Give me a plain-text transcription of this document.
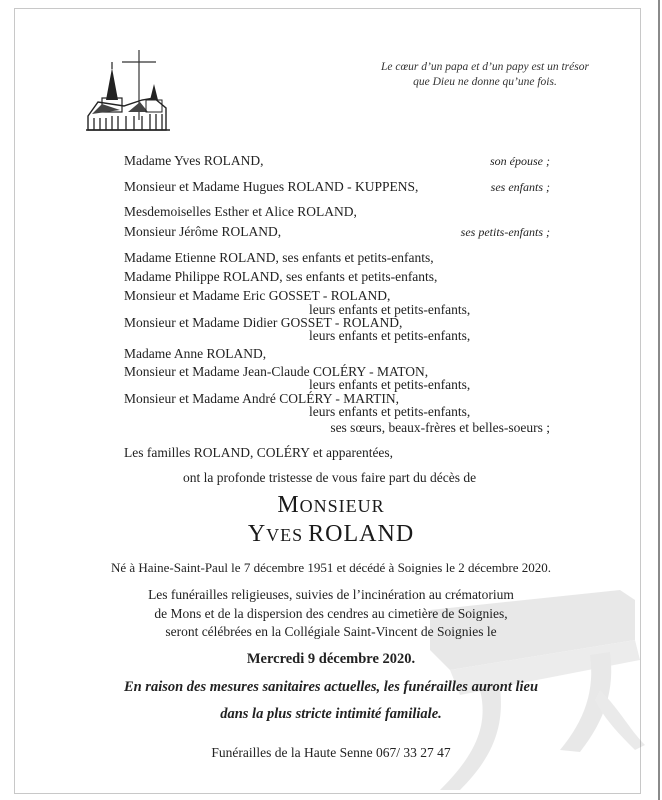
Le cœur d’un papa et d’un papy est un trésor
que Dieu ne donne qu’une fois.
Madame Yves ROLAND,	son épouse ;
Monsieur et Madame Hugues ROLAND - KUPPENS,	ses enfants ;
Mesdemoiselles Esther et Alice ROLAND,
Monsieur Jérôme ROLAND,	ses petits-enfants ;
Madame Etienne ROLAND, ses enfants et petits-enfants,
Madame Philippe ROLAND, ses enfants et petits-enfants,
Monsieur et Madame Eric GOSSET - ROLAND,
leurs enfants et petits-enfants,
Monsieur et Madame Didier GOSSET - ROLAND,
leurs enfants et petits-enfants,
Madame Anne ROLAND,
Monsieur et Madame Jean-Claude COLÉRY - MATON,
leurs enfants et petits-enfants,
Monsieur et Madame André COLÉRY - MARTIN,
leurs enfants et petits-enfants,
ses sœurs, beaux-frères et belles-soeurs ;
Les familles ROLAND, COLÉRY et apparentées,
ont la profonde tristesse de vous faire part du décès de
MONSIEUR
YVES ROLAND
Né à Haine-Saint-Paul le 7 décembre 1951 et décédé à Soignies le 2 décembre 2020.
Les funérailles religieuses, suivies de l’incinération au crématorium
de Mons et de la dispersion des cendres au cimetière de Soignies,
seront célébrées en la Collégiale Saint-Vincent de Soignies le
Mercredi 9 décembre 2020.
En raison des mesures sanitaires actuelles, les funérailles auront lieu
dans la plus stricte intimité familiale.
Funérailles de la Haute Senne 067/ 33 27 47
